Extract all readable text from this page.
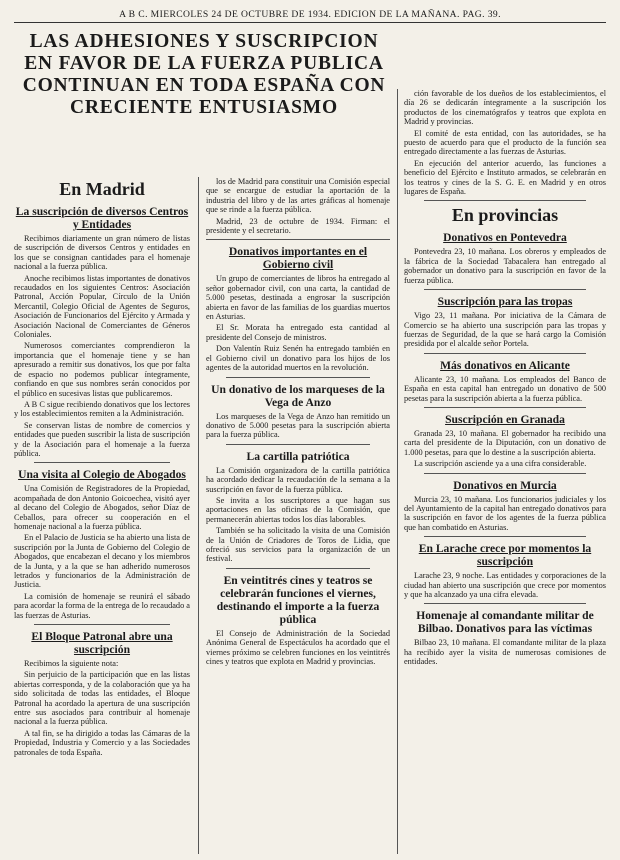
A B C. MIERCOLES 24 DE OCTUBRE DE 1934. EDICION DE LA MAÑANA. PAG. 39.
LAS ADHESIONES Y SUSCRIPCION EN FAVOR DE LA FUERZA PUBLICA CONTINUAN EN TODA ESPAÑA CON CRECIENTE ENTUSIASMO
En Madrid
La suscripción de diversos Centros y Entidades

Recibimos diariamente un gran número de listas de suscripción de diversos Centros y entidades en los que se consignan cantidades para el homenaje nacional a la fuerza pública.

Anoche recibimos listas importantes de donativos recaudados en los siguientes Centros: Asociación Patronal, Acción Popular, Círculo de la Unión Mercantil, Colegio Oficial de Agentes de Seguros, Asociación de Funcionarios del Ejército y Armada y Asociación Nacional de Comerciantes de Géneros Coloniales.

Numerosos comerciantes comprendieron la importancia que el homenaje tiene y se han apresurado a remitir sus donativos, los que por falta de espacio no podemos publicar íntegramente, confiando en que sus nombres serán conocidos por el público en sucesivas listas que publicaremos.

A B C sigue recibiendo donativos que los lectores y los establecimientos remiten a la Administración.

Se conservan listas de nombre de comercios y entidades que pueden suscribir la lista de suscripción y de la Asociación para el homenaje a la fuerza pública.

Una visita al Colegio de Abogados

Una Comisión de Registradores de la Propiedad, acompañada de don Antonio Goicoechea, visitó ayer al decano del Colegio de Abogados, señor Díaz de Ceballos, para ofrecer su cooperación en el homenaje nacional a la fuerza pública.

En el Palacio de Justicia se ha abierto una lista de suscripción por la Junta de Gobierno del Colegio de Abogados, que encabezan el decano y los miembros de la Junta, y a la que se han adherido numerosos letrados y funcionarios de la Administración de Justicia.

La comisión de homenaje se reunirá el sábado para acordar la forma de la entrega de lo recaudado a las fuerzas de Asturias.

El Bloque Patronal abre una suscripción

Recibimos la siguiente nota:

Sin perjuicio de la participación que en las listas abiertas corresponda, y de la colaboración que ya ha sido solicitada de todas las entidades, el Bloque Patronal ha acordado la apertura de una suscripción entre sus asociados para contribuir al homenaje nacional a la fuerza pública.

A tal fin, se ha dirigido a todas las Cámaras de la Propiedad, Industria y Comercio y a las Sociedades patronales de toda España.

los de Madrid para constituir una Comisión especial que se encargue de estudiar la aportación de la industria del libro y de las artes gráficas al homenaje que se rinde a la fuerza pública.

Madrid, 23 de octubre de 1934. Firman: el presidente y el secretario.

Donativos importantes en el Gobierno civil

Un grupo de comerciantes de libros ha entregado al señor gobernador civil, con una carta, la cantidad de 5.000 pesetas, destinada a engrosar la suscripción abierta en favor de las familias de los guardias muertos en Asturias.

El Sr. Morata ha entregado esta cantidad al presidente del Consejo de ministros.

Don Valentín Ruiz Senén ha entregado también en el Gobierno civil un donativo para los hijos de los agentes de la autoridad muertos en la revolución.

Un donativo de los marqueses de la Vega de Anzo

Los marqueses de la Vega de Anzo han remitido un donativo de 5.000 pesetas para la suscripción abierta para la fuerza pública.

La cartilla patriótica

La Comisión organizadora de la cartilla patriótica ha acordado dedicar la recaudación de la semana a la suscripción en favor de la fuerza pública.

Se invita a los suscriptores a que hagan sus aportaciones en las oficinas de la Comisión, que permanecerán abiertas todos los días laborables.

También se ha solicitado la visita de una Comisión de la Unión de Criadores de Toros de Lidia, que ofreció sus servicios para la organización de un festival.

En veintitrés cines y teatros se celebrarán funciones el viernes, destinando el importe a la fuerza pública

El Consejo de Administración de la Sociedad Anónima General de Espectáculos ha acordado que el viernes próximo se celebren funciones en los veintitrés cines y teatros que explota en Madrid y provincias.

ción favorable de los dueños de los establecimientos, el día 26 se dedicarán íntegramente a la suscripción los productos de los cinematógrafos y teatros que explota en Madrid y provincias.

El comité de esta entidad, con las autoridades, se ha puesto de acuerdo para que el producto de la función sea entregado directamente a las fuerzas de Asturias.

En ejecución del anterior acuerdo, las funciones a beneficio del Ejército e Instituto armados, se celebrarán en los teatros y cines de la S. G. E. en Madrid y en otros lugares de España.

En provincias
Donativos en Pontevedra

Pontevedra 23, 10 mañana. Los obreros y empleados de la fábrica de la Sociedad Tabacalera han entregado al gobernador un donativo para la suscripción en favor de la fuerza pública.

Suscripción para las tropas

Vigo 23, 11 mañana. Por iniciativa de la Cámara de Comercio se ha abierto una suscripción para las tropas y fuerzas de Seguridad, de la que se hará cargo la Comisión presidida por el alcalde señor Portela.

Más donativos en Alicante

Alicante 23, 10 mañana. Los empleados del Banco de España en esta capital han entregado un donativo de 500 pesetas para la suscripción abierta a la fuerza pública.

Suscripción en Granada

Granada 23, 10 mañana. El gobernador ha recibido una carta del presidente de la Diputación, con un donativo de 1.000 pesetas, para que lo destine a la suscripción abierta.

La suscripción asciende ya a una cifra considerable.

Donativos en Murcia

Murcia 23, 10 mañana. Los funcionarios judiciales y los del Ayuntamiento de la capital han entregado donativos para la suscripción en favor de los agentes de la fuerza pública que han combatido en Asturias.

En Larache crece por momentos la suscripción

Larache 23, 9 noche. Las entidades y corporaciones de la ciudad han abierto una suscripción que crece por momentos y que ha alcanzado ya una cifra elevada.

Homenaje al comandante militar de Bilbao. Donativos para las víctimas

Bilbao 23, 10 mañana. El comandante militar de la plaza ha recibido ayer la visita de numerosas comisiones de entidades.
